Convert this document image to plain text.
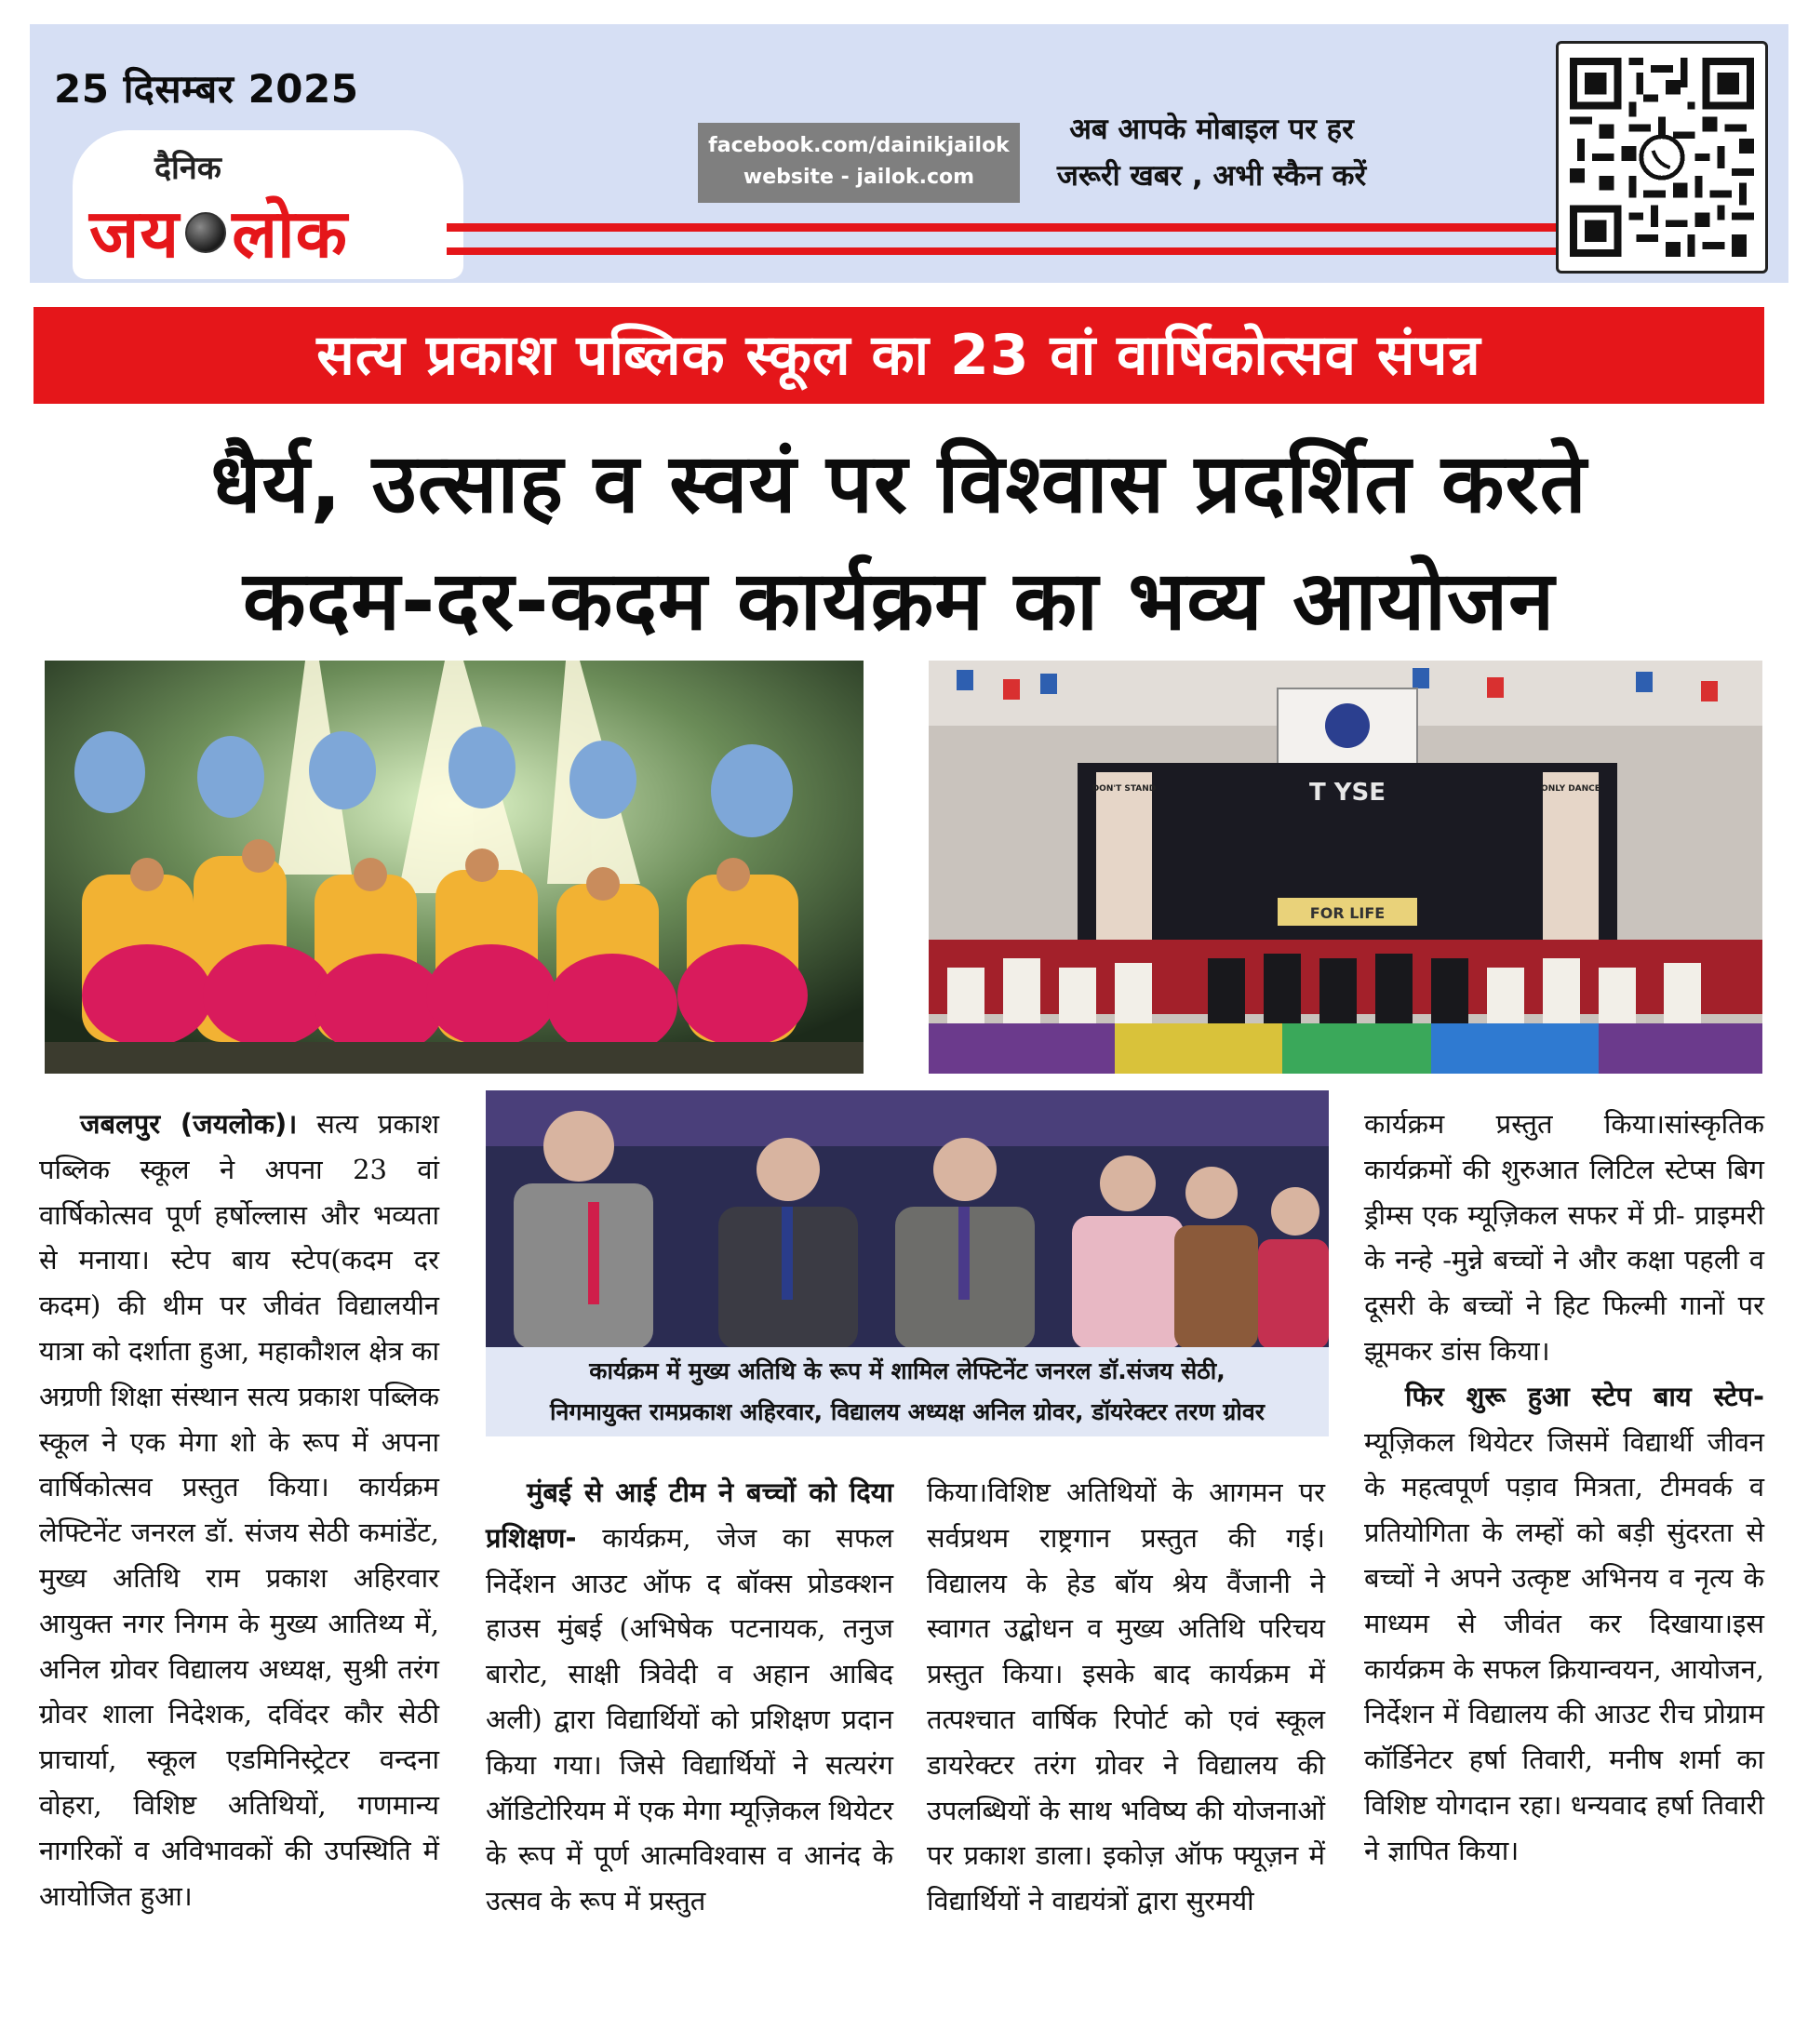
25 दिसम्बर 2025
दैनिक
जय लोक
facebook.com/dainikjailok
website - jailok.com
अब आपके मोबाइल पर हर
जरूरी खबर , अभी स्कैन करें
सत्य प्रकाश पब्लिक स्कूल का 23 वां वार्षिकोत्सव संपन्न
धैर्य, उत्साह व स्वयं पर विश्वास प्रदर्शित करते
कदम-दर-कदम कार्यक्रम का भव्य आयोजन
T YSE
DON'T STAND	ONLY DANCE
FOR LIFE
कार्यक्रम में मुख्य अतिथि के रूप में शामिल लेफ्टिनेंट जनरल डॉ.संजय सेठी,
निगमायुक्त रामप्रकाश अहिरवार, विद्यालय अध्यक्ष अनिल ग्रोवर, डॉयरेक्टर तरण ग्रोवर

जबलपुर (जयलोक)। सत्य प्रकाश पब्लिक स्कूल ने अपना 23 वां वार्षिकोत्सव पूर्ण हर्षोल्लास और भव्यता से मनाया। स्टेप बाय स्टेप(कदम दर कदम) की थीम पर जीवंत विद्यालयीन यात्रा को दर्शाता हुआ, महाकौशल क्षेत्र का अग्रणी शिक्षा संस्थान सत्य प्रकाश पब्लिक स्कूल ने एक मेगा शो के रूप में अपना वार्षिकोत्सव प्रस्तुत किया। कार्यक्रम लेफ्टिनेंट जनरल डॉ. संजय सेठी कमांडेंट, मुख्य अतिथि राम प्रकाश अहिरवार आयुक्त नगर निगम के मुख्य आतिथ्य में, अनिल ग्रोवर विद्यालय अध्यक्ष, सुश्री तरंग ग्रोवर शाला निदेशक, दविंदर कौर सेठी प्राचार्या, स्कूल एडमिनिस्ट्रेटर वन्दना वोहरा, विशिष्ट अतिथियों, गणमान्य नागरिकों व अविभावकों की उपस्थिति में आयोजित हुआ।

मुंबई से आई टीम ने बच्चों को दिया प्रशिक्षण- कार्यक्रम, जेज का सफल निर्देशन आउट ऑफ द बॉक्स प्रोडक्शन हाउस मुंबई (अभिषेक पटनायक, तनुज बारोट, साक्षी त्रिवेदी व अहान आबिद अली) द्वारा विद्यार्थियों को प्रशिक्षण प्रदान किया गया। जिसे विद्यार्थियों ने सत्यरंग ऑडिटोरियम में एक मेगा म्यूज़िकल थियेटर के रूप में पूर्ण आत्मविश्वास व आनंद के उत्सव के रूप में प्रस्तुत

किया।विशिष्ट अतिथियों के आगमन पर सर्वप्रथम राष्ट्रगान प्रस्तुत की गई। विद्यालय के हेड बॉय श्रेय वैंजानी ने स्वागत उद्बोधन व मुख्य अतिथि परिचय प्रस्तुत किया। इसके बाद कार्यक्रम में तत्पश्चात वार्षिक रिपोर्ट को एवं स्कूल डायरेक्टर तरंग ग्रोवर ने विद्यालय की उपलब्धियों के साथ भविष्य की योजनाओं पर प्रकाश डाला। इकोज़ ऑफ फ्यूज़न में विद्यार्थियों ने वाद्ययंत्रों द्वारा सुरमयी

कार्यक्रम प्रस्तुत किया।सांस्कृतिक कार्यक्रमों की शुरुआत लिटिल स्टेप्स बिग ड्रीम्स एक म्यूज़िकल सफर में प्री- प्राइमरी के नन्हे -मुन्ने बच्चों ने और कक्षा पहली व दूसरी के बच्चों ने हिट फिल्मी गानों पर झूमकर डांस किया।

फिर शुरू हुआ स्टेप बाय स्टेप- म्यूज़िकल थियेटर जिसमें विद्यार्थी जीवन के महत्वपूर्ण पड़ाव मित्रता, टीमवर्क व प्रतियोगिता के लम्हों को बड़ी सुंदरता से बच्चों ने अपने उत्कृष्ट अभिनय व नृत्य के माध्यम से जीवंत कर दिखाया।इस कार्यक्रम के सफल क्रियान्वयन, आयोजन, निर्देशन में विद्यालय की आउट रीच प्रोग्राम कॉर्डिनेटर हर्षा तिवारी, मनीष शर्मा का विशिष्ट योगदान रहा। धन्यवाद हर्षा तिवारी ने ज्ञापित किया।
